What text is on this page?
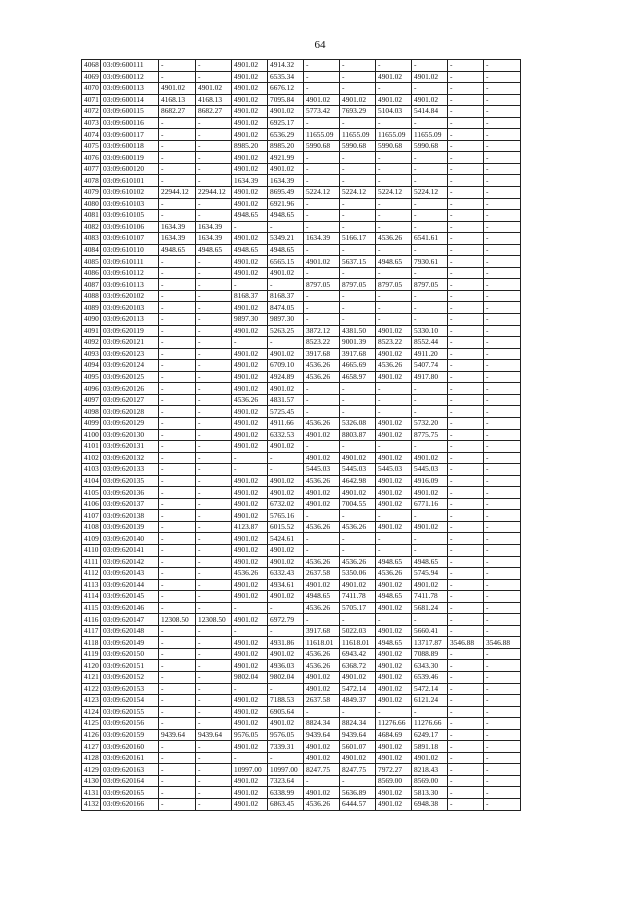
64
4068	03:09:600111	-	-	4901.02	4914.32	-	-	-	-	-	-
4069	03:09:600112	-	-	4901.02	6535.34	-	-	4901.02	4901.02	-	-
4070	03:09:600113	4901.02	4901.02	4901.02	6676.12	-	-	-	-	-	-
4071	03:09:600114	4168.13	4168.13	4901.02	7095.84	4901.02	4901.02	4901.02	4901.02	-	-
4072	03:09:600115	8682.27	8682.27	4901.02	4901.02	5773.42	7693.29	5104.03	5414.84	-	-
4073	03:09:600116	-	-	4901.02	6925.17	-	-	-	-	-	-
4074	03:09:600117	-	-	4901.02	6536.29	11655.09	11655.09	11655.09	11655.09	-	-
4075	03:09:600118	-	-	8985.20	8985.20	5990.68	5990.68	5990.68	5990.68	-	-
4076	03:09:600119	-	-	4901.02	4921.99	-	-	-	-	-	-
4077	03:09:600120	-	-	4901.02	4901.02	-	-	-	-	-	-
4078	03:09:610101	-	-	1634.39	1634.39	-	-	-	-	-	-
4079	03:09:610102	22944.12	22944.12	4901.02	8695.49	5224.12	5224.12	5224.12	5224.12	-	-
4080	03:09:610103	-	-	4901.02	6921.96	-	-	-	-	-	-
4081	03:09:610105	-	-	4948.65	4948.65	-	-	-	-	-	-
4082	03:09:610106	1634.39	1634.39	-	-	-	-	-	-	-	-
4083	03:09:610107	1634.39	1634.39	4901.02	5349.21	1634.39	5166.17	4536.26	6541.61	-	-
4084	03:09:610110	4948.65	4948.65	4948.65	4948.65	-	-	-	-	-	-
4085	03:09:610111	-	-	4901.02	6565.15	4901.02	5637.15	4948.65	7930.61	-	-
4086	03:09:610112	-	-	4901.02	4901.02	-	-	-	-	-	-
4087	03:09:610113	-	-	-	-	8797.05	8797.05	8797.05	8797.05	-	-
4088	03:09:620102	-	-	8168.37	8168.37	-	-	-	-	-	-
4089	03:09:620103	-	-	4901.02	8474.05	-	-	-	-	-	-
4090	03:09:620113	-	-	9897.30	9897.30	-	-	-	-	-	-
4091	03:09:620119	-	-	4901.02	5263.25	3872.12	4381.50	4901.02	5330.10	-	-
4092	03:09:620121	-	-	-	-	8523.22	9001.39	8523.22	8552.44	-	-
4093	03:09:620123	-	-	4901.02	4901.02	3917.68	3917.68	4901.02	4911.20	-	-
4094	03:09:620124	-	-	4901.02	6709.10	4536.26	4665.69	4536.26	5407.74	-	-
4095	03:09:620125	-	-	4901.02	4924.89	4536.26	4658.97	4901.02	4917.80	-	-
4096	03:09:620126	-	-	4901.02	4901.02	-	-	-	-	-	-
4097	03:09:620127	-	-	4536.26	4831.57	-	-	-	-	-	-
4098	03:09:620128	-	-	4901.02	5725.45	-	-	-	-	-	-
4099	03:09:620129	-	-	4901.02	4911.66	4536.26	5326.08	4901.02	5732.20	-	-
4100	03:09:620130	-	-	4901.02	6332.53	4901.02	8803.87	4901.02	8775.75	-	-
4101	03:09:620131	-	-	4901.02	4901.02	-	-	-	-	-	-
4102	03:09:620132	-	-	-	-	4901.02	4901.02	4901.02	4901.02	-	-
4103	03:09:620133	-	-	-	-	5445.03	5445.03	5445.03	5445.03	-	-
4104	03:09:620135	-	-	4901.02	4901.02	4536.26	4642.98	4901.02	4916.09	-	-
4105	03:09:620136	-	-	4901.02	4901.02	4901.02	4901.02	4901.02	4901.02	-	-
4106	03:09:620137	-	-	4901.02	6732.02	4901.02	7004.55	4901.02	6771.16	-	-
4107	03:09:620138	-	-	4901.02	5765.16	-	-	-	-	-	-
4108	03:09:620139	-	-	4123.87	6015.52	4536.26	4536.26	4901.02	4901.02	-	-
4109	03:09:620140	-	-	4901.02	5424.61	-	-	-	-	-	-
4110	03:09:620141	-	-	4901.02	4901.02	-	-	-	-	-	-
4111	03:09:620142	-	-	4901.02	4901.02	4536.26	4536.26	4948.65	4948.65	-	-
4112	03:09:620143	-	-	4536.26	6332.43	2637.58	5350.06	4536.26	5745.94	-	-
4113	03:09:620144	-	-	4901.02	4934.61	4901.02	4901.02	4901.02	4901.02	-	-
4114	03:09:620145	-	-	4901.02	4901.02	4948.65	7411.78	4948.65	7411.78	-	-
4115	03:09:620146	-	-	-	-	4536.26	5705.17	4901.02	5681.24	-	-
4116	03:09:620147	12308.50	12308.50	4901.02	6972.79	-	-	-	-	-	-
4117	03:09:620148	-	-	-	-	3917.68	5022.03	4901.02	5660.41	-	-
4118	03:09:620149	-	-	4901.02	4931.86	11618.01	11618.01	4948.65	13717.87	3546.88	3546.88
4119	03:09:620150	-	-	4901.02	4901.02	4536.26	6943.42	4901.02	7088.89	-	-
4120	03:09:620151	-	-	4901.02	4936.03	4536.26	6368.72	4901.02	6343.30	-	-
4121	03:09:620152	-	-	9802.04	9802.04	4901.02	4901.02	4901.02	6539.46	-	-
4122	03:09:620153	-	-	-	-	4901.02	5472.14	4901.02	5472.14	-	-
4123	03:09:620154	-	-	4901.02	7188.53	2637.58	4849.37	4901.02	6121.24	-	-
4124	03:09:620155	-	-	4901.02	6905.64	-	-	-	-	-	-
4125	03:09:620156	-	-	4901.02	4901.02	8824.34	8824.34	11276.66	11276.66	-	-
4126	03:09:620159	9439.64	9439.64	9576.05	9576.05	9439.64	9439.64	4684.69	6249.17	-	-
4127	03:09:620160	-	-	4901.02	7339.31	4901.02	5601.07	4901.02	5891.18	-	-
4128	03:09:620161	-	-	-	-	4901.02	4901.02	4901.02	4901.02	-	-
4129	03:09:620163	-	-	10997.00	10997.00	8247.75	8247.75	7972.27	8218.43	-	-
4130	03:09:620164	-	-	4901.02	7323.64	-	-	8569.00	8569.00	-	-
4131	03:09:620165	-	-	4901.02	6338.99	4901.02	5636.89	4901.02	5813.30	-	-
4132	03:09:620166	-	-	4901.02	6863.45	4536.26	6444.57	4901.02	6948.38	-	-
